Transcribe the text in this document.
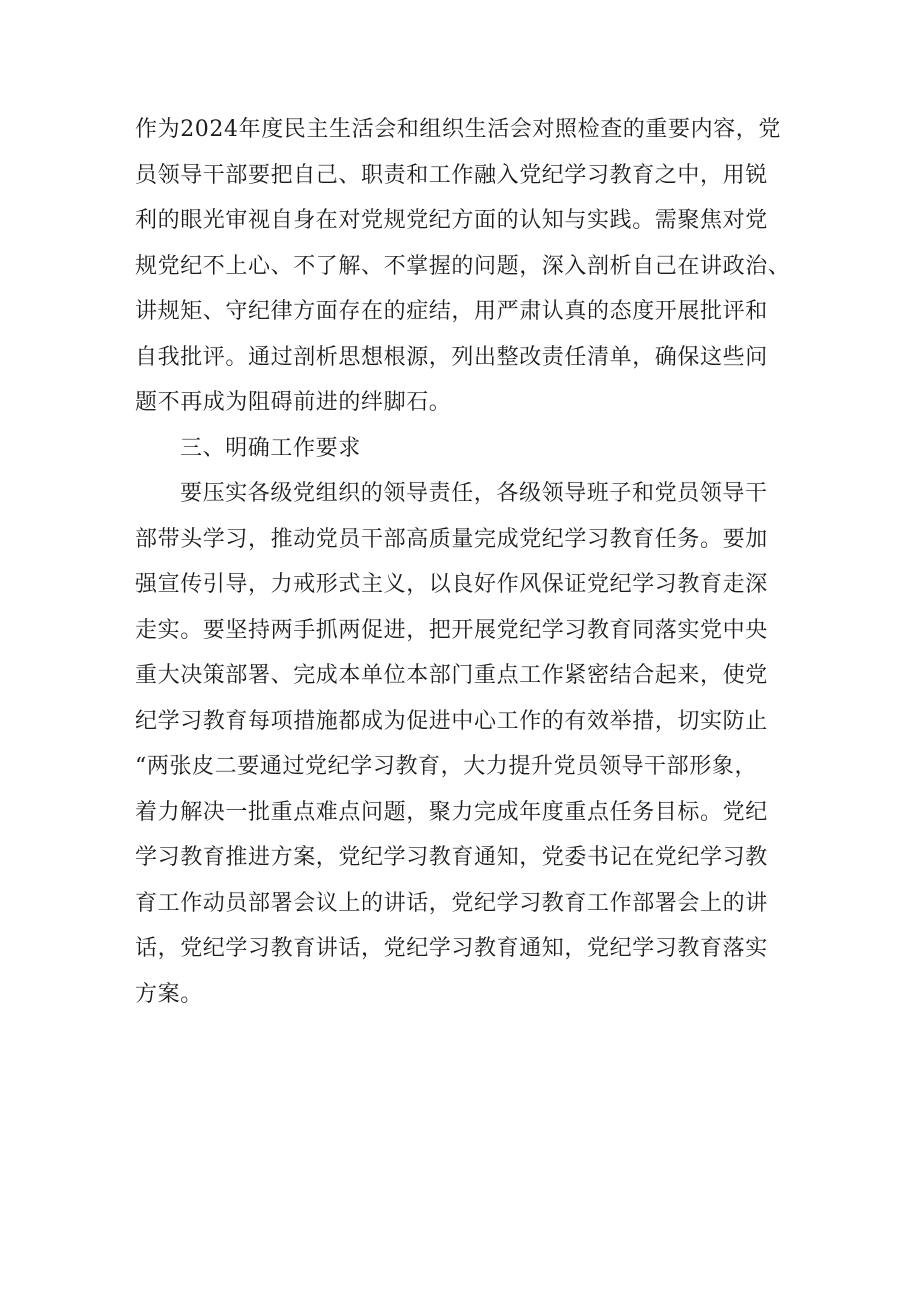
作为2024年度民主生活会和组织生活会对照检查的重要内容，党
员领导干部要把自己、职责和工作融入党纪学习教育之中，用锐
利的眼光审视自身在对党规党纪方面的认知与实践。需聚焦对党
规党纪不上心、不了解、不掌握的问题，深入剖析自己在讲政治、
讲规矩、守纪律方面存在的症结，用严肃认真的态度开展批评和
自我批评。通过剖析思想根源，列出整改责任清单，确保这些问
题不再成为阻碍前进的绊脚石。
三、明确工作要求
要压实各级党组织的领导责任，各级领导班子和党员领导干
部带头学习，推动党员干部高质量完成党纪学习教育任务。要加
强宣传引导，力戒形式主义，以良好作风保证党纪学习教育走深
走实。要坚持两手抓两促进，把开展党纪学习教育同落实党中央
重大决策部署、完成本单位本部门重点工作紧密结合起来，使党
纪学习教育每项措施都成为促进中心工作的有效举措，切实防止
“两张皮二要通过党纪学习教育，大力提升党员领导干部形象，
着力解决一批重点难点问题，聚力完成年度重点任务目标。党纪
学习教育推进方案，党纪学习教育通知，党委书记在党纪学习教
育工作动员部署会议上的讲话，党纪学习教育工作部署会上的讲
话，党纪学习教育讲话，党纪学习教育通知，党纪学习教育落实
方案。
